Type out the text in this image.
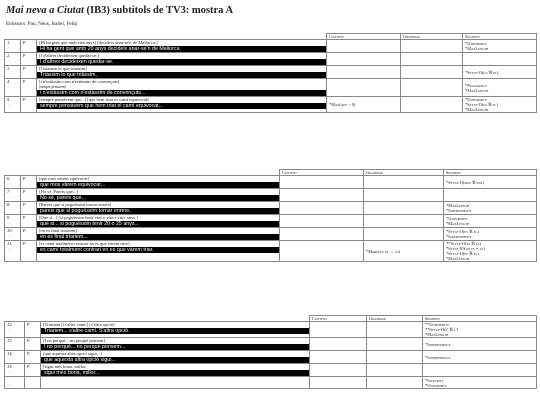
Mai neva a Ciutat (IB3) subtítols de TV3: mostra A
Emissors: Pau, Neus, Isabel, Felip
			Content	Grammar	Segment

1.
☞	P	[Hi ha gent que amb vint anys] [decideix anar-se'n de Mallorca.]
Hi ha gent que amb 20 anys decideix anar-se'n de Mallorca.			*Uniformity
*MaxLength

2.
☞	P	[I d'altres decideixen quedar-se.]
I d'altres decideixen quedar-se.			

3.
☞	P	[I triasum lo que triassim]
Triàssim lo que triàssim,			*Style-O(lo ℜ el)

4.
☞	P	[i n'estàssim com n'estàssim de convençuts]
[sempre pensaven]
i n'estàssim com n'estàssim de convençuts...			*Pragmatics
*MaxLength

5.
☞	P	[sempre pensàvem que...] [que hem triat es camí equivocat]
sempre pensàvem que hem triat el camí equivocat...	*Max(que > 0)		*Uniformity
*Style-O(es ℜ el)
*MaxLength
			Content	Grammar	Segment

6.
☞	P	[que mos vàrem equivocar]
que mos vàrem equivocar...			*Style-O(mos ℜ ens)

7.
☞	P	[No sé. Pareix que...]
No sé, pareix que...			

8.
☞	P	[Pareix que si poguéssim tornar enrere]
pareix que si poguéssim tornar enrere,			*MaxLength
*Independence

9.
☞	P	[Que si...] [si poguéssim tenir vint o vint-i-cinc anys.]
que si... si poguéssim tenir 20 o 25 anys...			*Uniformity
*MaxLength

10.
☞	P	[en es final triariem]
en es final triariem...			*Style-O(es ℜ el)
*Independence

11.
☞	P	[es camí totalment contrari an es que vàrem triar]
es camí totalment contrari en es que vàrem triar.		*Morf(an es → as)	**Style-O(es ℜ el)
*Style-IO(an es = as)
*Style-O(es ℜ el)
*MaxLength
			Content	Grammar	Segment

12.
☞	P	[Triariem] [s'altre camí,] [s'altra opció]
Triariem... s'altre camí. S'altra opció.			**Uniformity
**Style-O(s' ℜ l')
*MaxLength

13.
☞	P	[I no perquè... no perquè pensem]
I no perquè... no perquè pensem...			*Independence

14.
☞	P	[que aquesta altra opció sigui...]
que aquesta altra opció sigui...			*Independence

15.
☞	P	[sigui més bona, millor,
sigui més bona, millor...			

☞					*Integrity
*Uniformity
